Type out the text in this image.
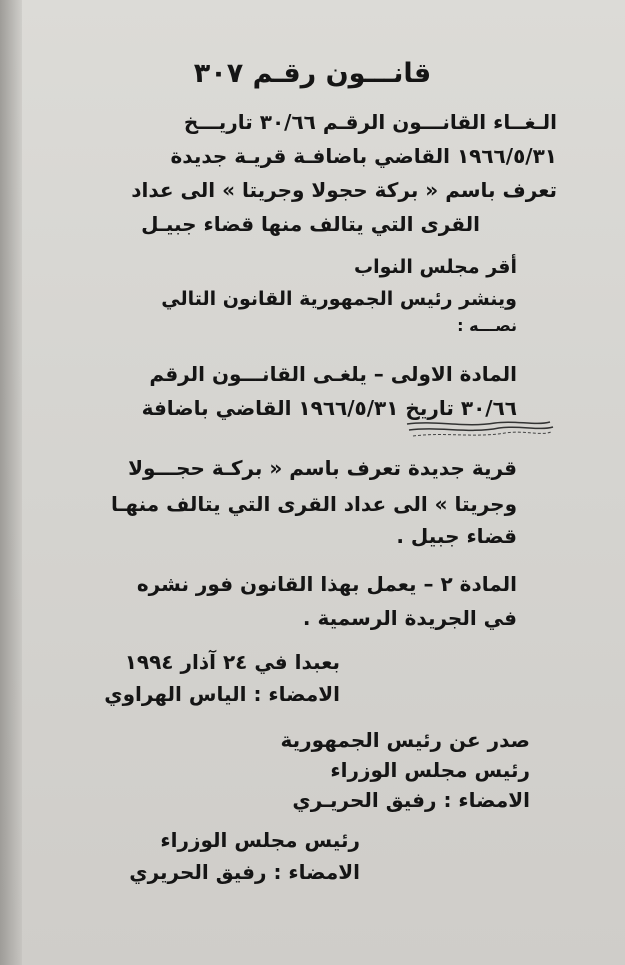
قانـــون رقـم ٣٠٧
الـغــاء القانـــون الرقـم ٣٠/٦٦ تاريـــخ
١٩٦٦/٥/٣١ القاضي باضافـة قريـة جديدة
تعرف باسم « بركة حجولا وجريتا » الى عداد
القرى التي يتالف منها قضاء جبيـل
أقر مجلس النواب
وينشر رئيس الجمهورية القانون التالي
نصـــه :
المادة الاولى – يلغـى القانـــون الرقم
٣٠/٦٦ تاريخ ١٩٦٦/٥/٣١ القاضي باضافة
قرية جديدة تعرف باسم « بركـة حجـــولا
وجريتا » الى عداد القرى التي يتالف منهـا
قضاء جبيل .
المادة ٢ – يعمل بهذا القانون فور نشره
في الجريدة الرسمية .
بعبدا في ٢٤ آذار ١٩٩٤
الامضاء : الياس الهراوي
صدر عن رئيس الجمهورية
رئيس مجلس الوزراء
الامضاء : رفيق الحريـري
رئيس مجلس الوزراء
الامضاء : رفيق الحريري
